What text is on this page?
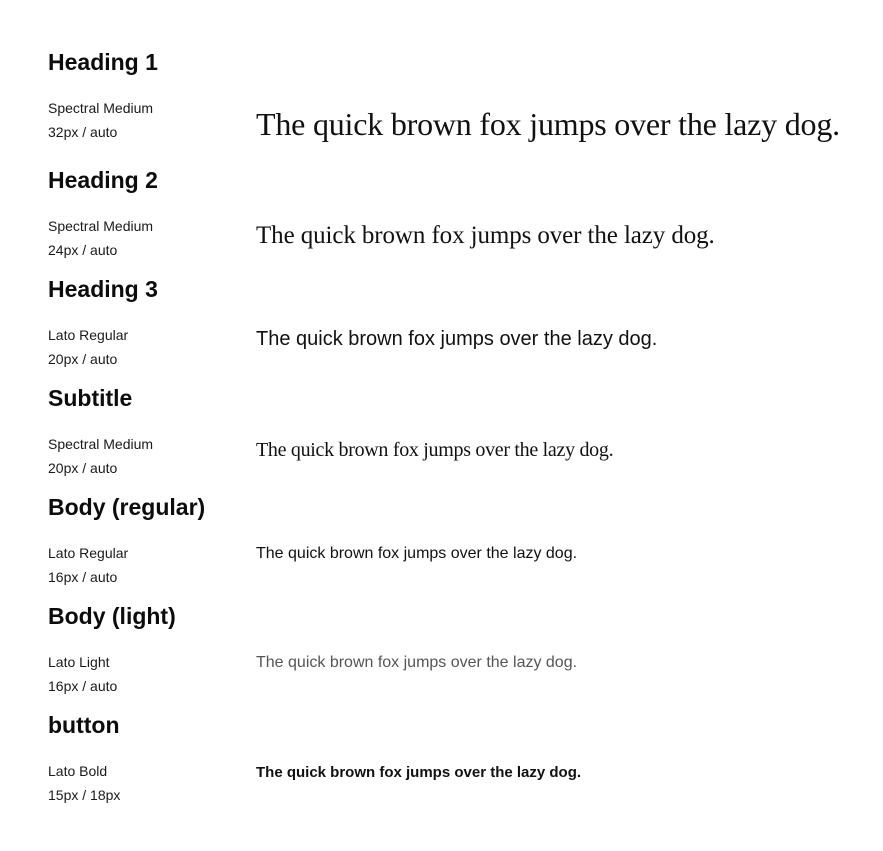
Heading 1
Spectral Medium
32px / auto	The quick brown fox jumps over the lazy dog.
Heading 2
Spectral Medium
24px / auto
The quick brown fox jumps over the lazy dog.
Heading 3
Lato Regular
20px / auto
The quick brown fox jumps over the lazy dog.
Subtitle
Spectral Medium
20px / auto
The quick brown fox jumps over the lazy dog.
Body (regular)
Lato Regular
16px / auto
The quick brown fox jumps over the lazy dog.
Body (light)
Lato Light
16px / auto
The quick brown fox jumps over the lazy dog.
button
Lato Bold
15px / 18px
The quick brown fox jumps over the lazy dog.
